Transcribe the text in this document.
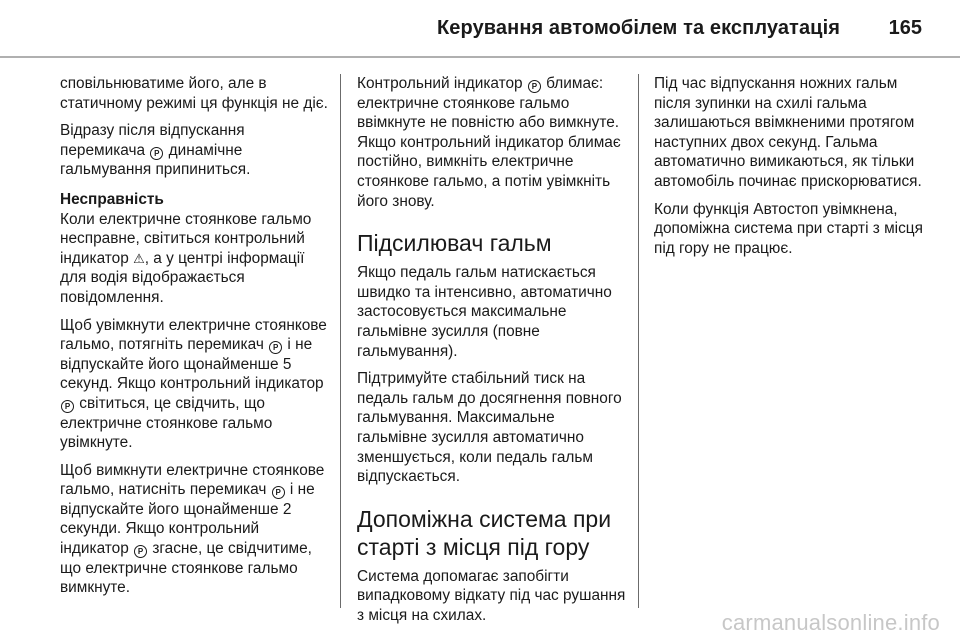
Керування автомобілем та експлуатація 165

сповільнюватиме його, але в статичному режимі ця функція не діє.

Відразу після відпускання перемикача P динамічне гальмування припиниться.

Несправність

Коли електричне стоянкове гальмо несправне, світиться контрольний індикатор ⚠, а у центрі інформації для водія відображається повідомлення.

Щоб увімкнути електричне стоянкове гальмо, потягніть перемикач P і не відпускайте його щонайменше 5 секунд. Якщо контрольний індикатор P світиться, це свідчить, що електричне стоянкове гальмо увімкнуте.

Щоб вимкнути електричне стоянкове гальмо, натисніть перемикач P і не відпускайте його щонайменше 2 секунди. Якщо контрольний індикатор P згасне, це свідчитиме, що електричне стоянкове гальмо вимкнуте.

Контрольний індикатор P блимає: електричне стоянкове гальмо ввімкнуте не повністю або вимкнуте. Якщо контрольний індикатор блимає постійно, вимкніть електричне стоянкове гальмо, а потім увімкніть його знову.

Підсилювач гальм

Якщо педаль гальм натискається швидко та інтенсивно, автоматично застосовується максимальне гальмівне зусилля (повне гальмування).

Підтримуйте стабільний тиск на педаль гальм до досягнення повного гальмування. Максимальне гальмівне зусилля автоматично зменшується, коли педаль гальм відпускається.

Допоміжна система при старті з місця під гору

Система допомагає запобігти випадковому відкату під час рушання з місця на схилах.

Під час відпускання ножних гальм після зупинки на схилі гальма залишаються ввімкненими протягом наступних двох секунд. Гальма автоматично вимикаються, як тільки автомобіль починає прискорюватися.

Коли функція Автостоп увімкнена, допоміжна система при старті з місця під гору не працює.

carmanualsonline.info
